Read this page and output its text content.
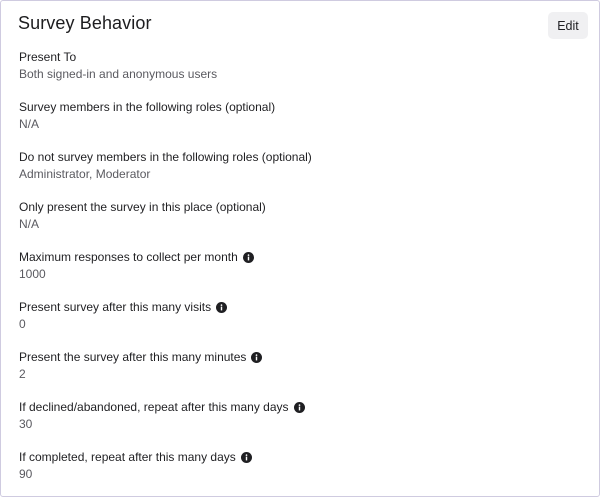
Survey Behavior	Edit
Present To
Both signed-in and anonymous users
Survey members in the following roles (optional)
N/A
Do not survey members in the following roles (optional)
Administrator, Moderator
Only present the survey in this place (optional)
N/A
Maximum responses to collect per month
1000
Present survey after this many visits
0
Present the survey after this many minutes
2
If declined/abandoned, repeat after this many days
30
If completed, repeat after this many days
90
